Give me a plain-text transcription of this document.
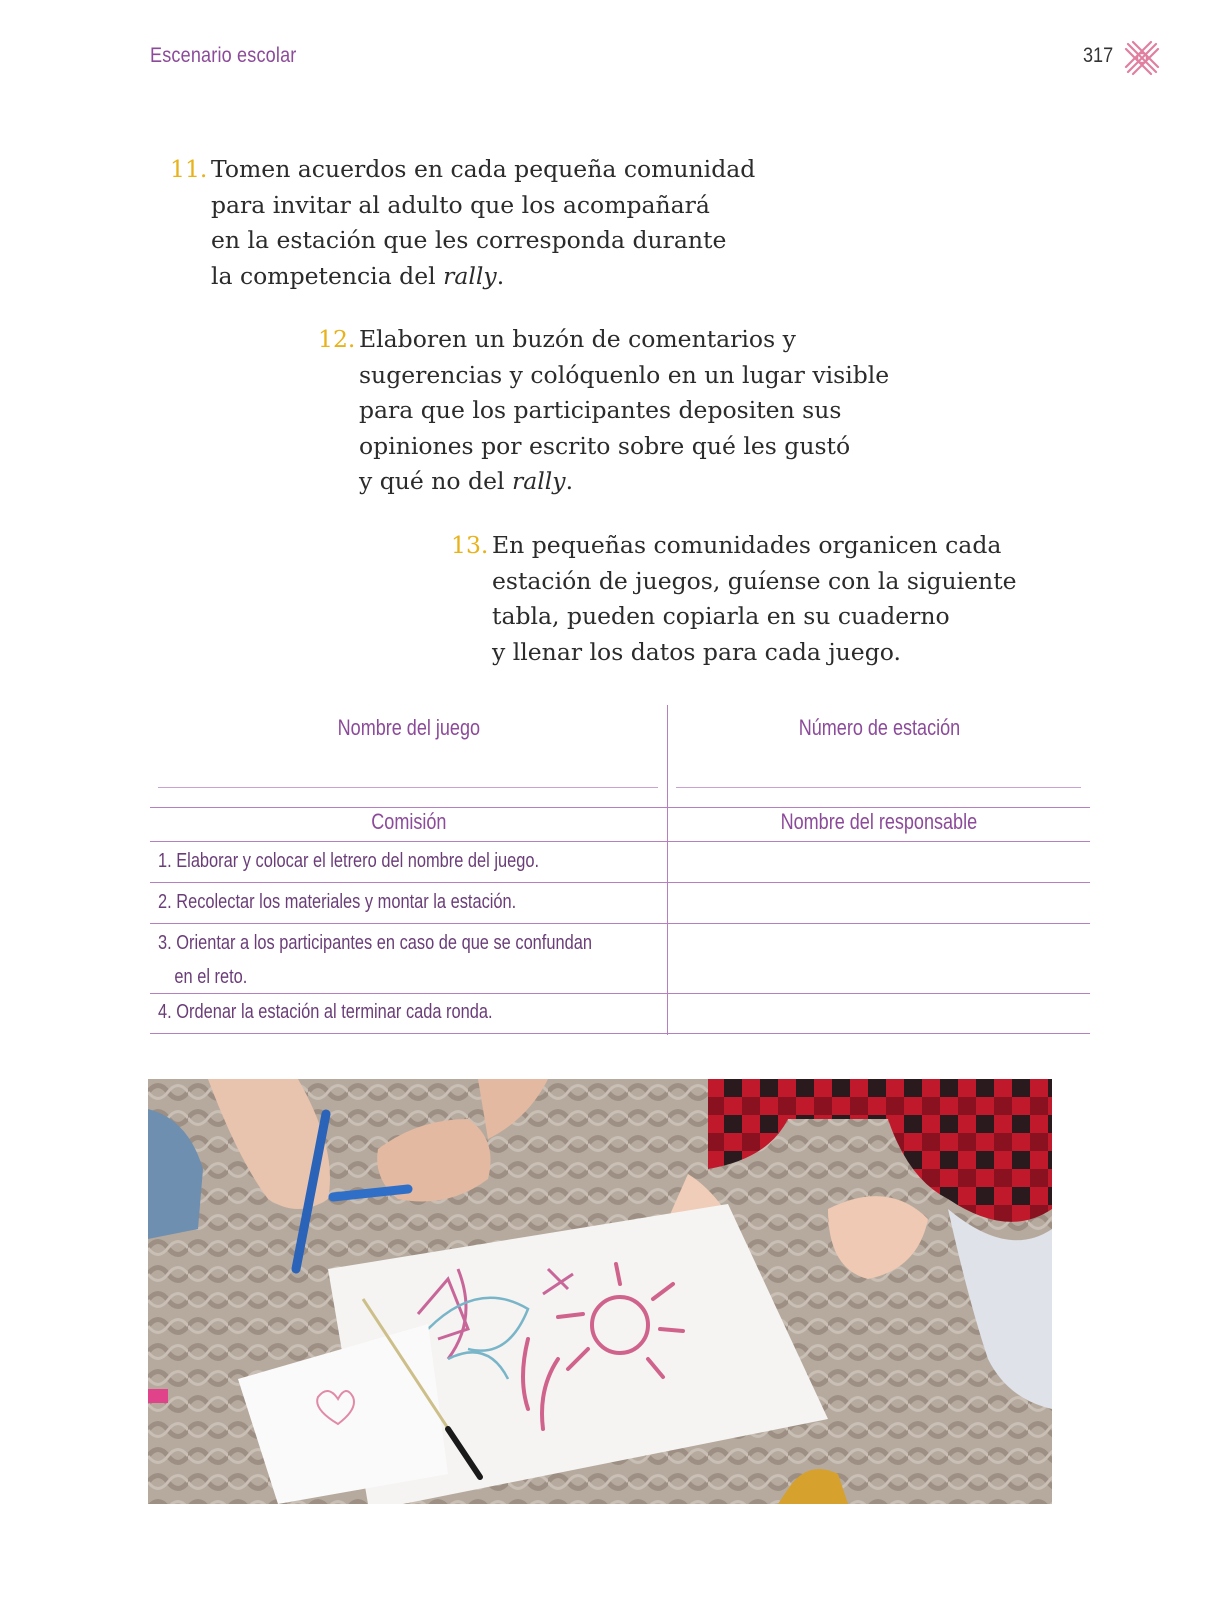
Escenario escolar	317
11. Tomen acuerdos en cada pequeña comunidad
para invitar al adulto que los acompañará
en la estación que les corresponda durante
la competencia del rally.
12. Elaboren un buzón de comentarios y
sugerencias y colóquenlo en un lugar visible
para que los participantes depositen sus
opiniones por escrito sobre qué les gustó
y qué no del rally.
13. En pequeñas comunidades organicen cada
estación de juegos, guíense con la siguiente
tabla, pueden copiarla en su cuaderno
y llenar los datos para cada juego.
Nombre del juego	Número de estación
Comisión	Nombre del responsable
1. Elaborar y colocar el letrero del nombre del juego.
2. Recolectar los materiales y montar la estación.
3. Orientar a los participantes en caso de que se confundan
en el reto.
4. Ordenar la estación al terminar cada ronda.
